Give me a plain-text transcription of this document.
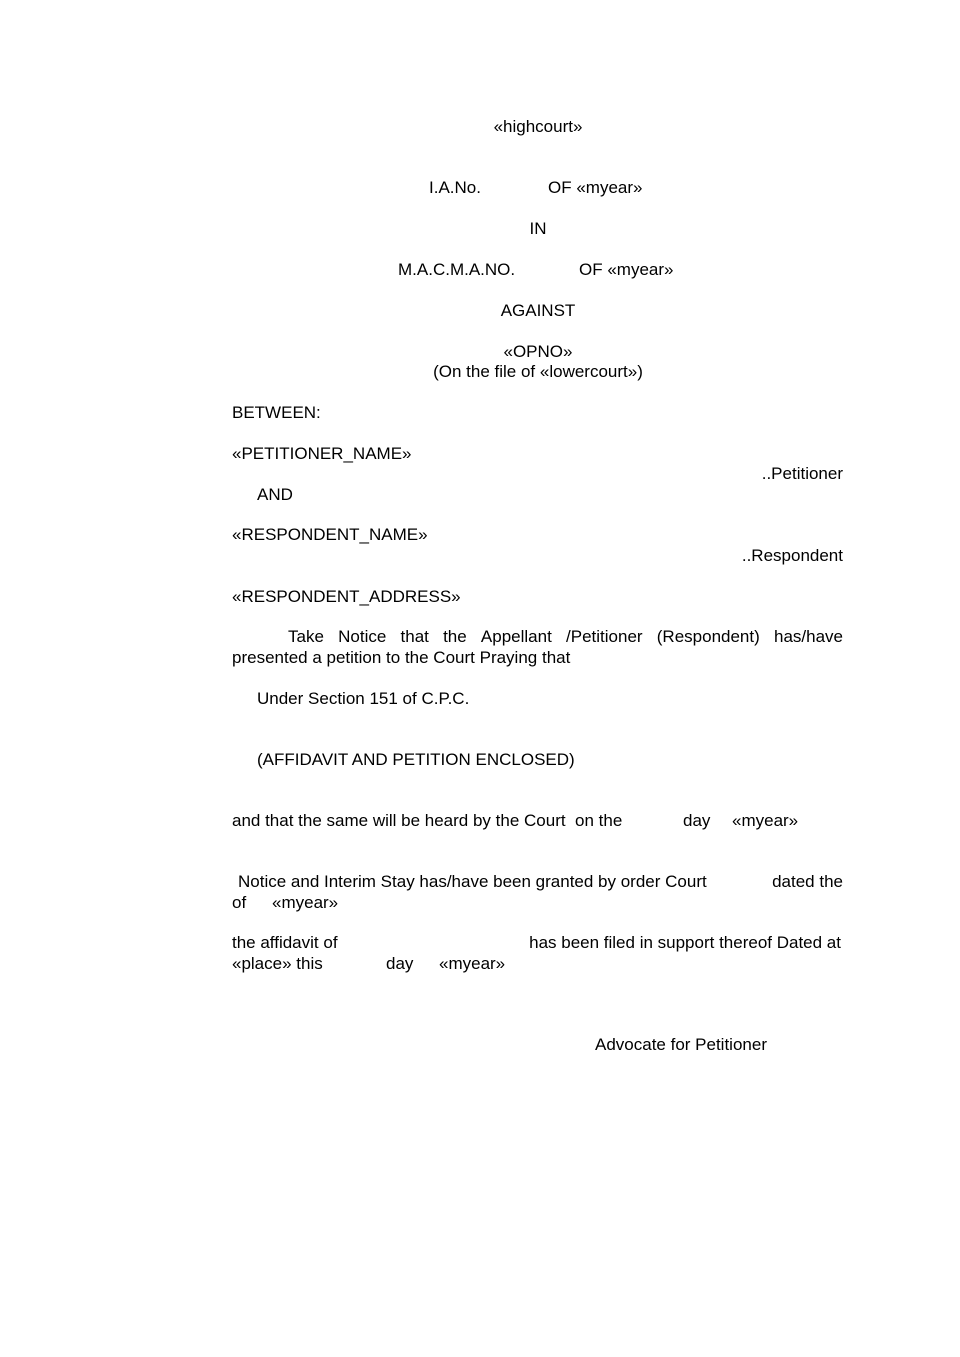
«highcourt»
I.A.No.	OF «myear»
IN
M.A.C.M.A.NO.	OF «myear»
AGAINST
«OPNO»
(On the file of «lowercourt»)
BETWEEN:
«PETITIONER_NAME»
..Petitioner
AND
«RESPONDENT_NAME»
..Respondent
«RESPONDENT_ADDRESS»
Take Notice that the Appellant /Petitioner (Respondent) has/have
presented a petition to the Court Praying that
Under Section 151 of C.P.C.
(AFFIDAVIT AND PETITION ENCLOSED)
and that the same will be heard by the Court  on the	day «myear»
Notice and Interim Stay has/have been granted by order Court	dated the
of «myear»
the affidavit of	has been filed in support thereof Dated at
«place» this	day «myear»
Advocate for Petitioner
